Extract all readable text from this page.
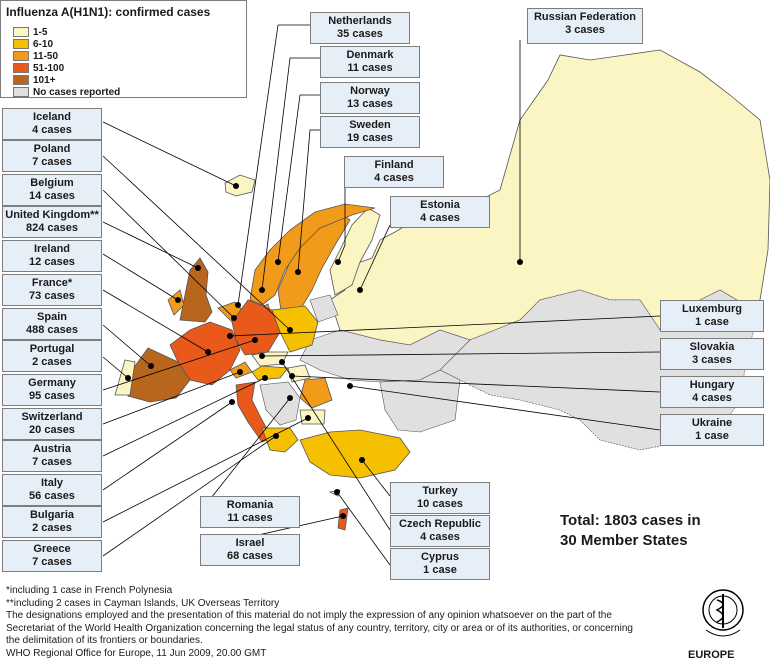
Influenza A(H1N1): confirmed cases
1-5
6-10
11-50
51-100
101+
No cases reported
Netherlands
35 cases
Denmark
11 cases
Norway
13 cases
Sweden
19 cases
Finland
4 cases
Estonia
4 cases
Russian Federation
3 cases
Iceland
4 cases
Poland
7 cases
Belgium
14 cases
United Kingdom**
824 cases
Ireland
12 cases
France*
73 cases
Spain
488 cases
Portugal
2 cases
Germany
95 cases
Switzerland
20 cases
Austria
7 cases
Italy
56 cases
Bulgaria
2 cases
Greece
7 cases
Romania
11 cases
Israel
68 cases
Turkey
10 cases
Czech Republic
4 cases
Cyprus
1 case
Luxemburg
1 case
Slovakia
3 cases
Hungary
4 cases
Ukraine
1 case
Total: 1803 cases in
30 Member States
*including 1 case in French Polynesia
**including 2 cases in Cayman Islands, UK Overseas Territory
The designations employed and the presentation of this material do not imply the expression of any opinion whatsoever on the part of the
Secretariat of the World Health Organization concerning the legal status of any country, territory, city or area or of its authorities, or concerning
the delimitation of its frontiers or boundaries.
WHO Regional Office for Europe, 11 Jun 2009, 20.00 GMT	EUROPE
